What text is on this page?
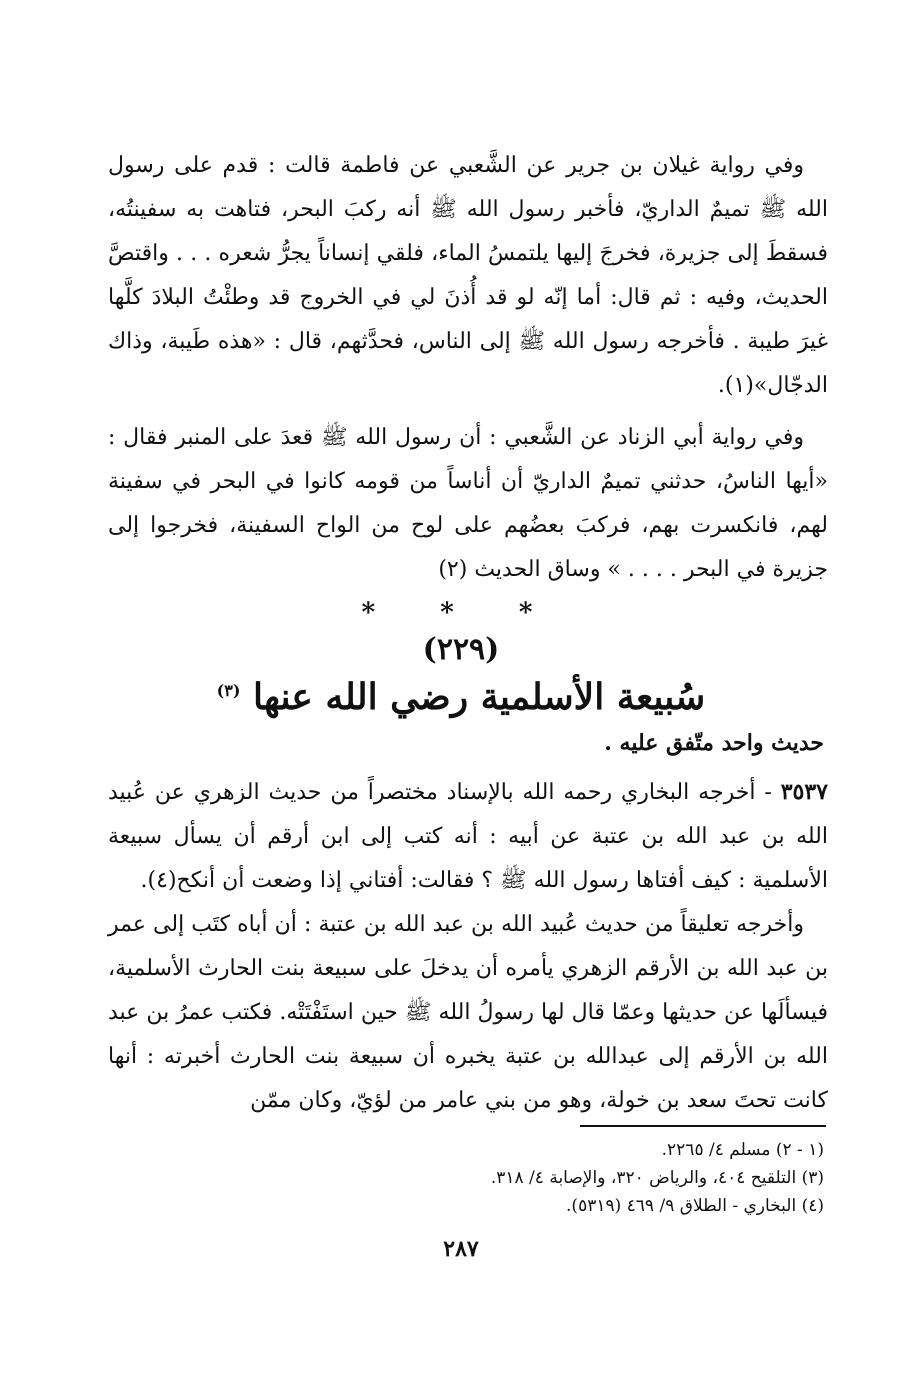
وفي رواية غيلان بن جرير عن الشَّعبي عن فاطمة قالت : قدم على رسول الله ﷺ تميمٌ الداريّ، فأخبر رسول الله ﷺ أنه ركبَ البحر، فتاهت به سفينتُه، فسقطَ إلى جزيرة، فخرجَ إليها يلتمسُ الماء، فلقي إنساناً يجرُّ شعره . . . واقتصَّ الحديث، وفيه : ثم قال: أما إنّه لو قد أُذنَ لي في الخروج قد وطئْتُ البلادَ كلَّها غيرَ طيبة . فأخرجه رسول الله ﷺ إلى الناس، فحدَّثهم، قال : «هذه طَيبة، وذاك الدجّال»(١).

وفي رواية أبي الزناد عن الشَّعبي : أن رسول الله ﷺ قعدَ على المنبر فقال : «أيها الناسُ، حدثني تميمٌ الداريّ أن أناساً من قومه كانوا في البحر في سفينة لهم، فانكسرت بهم، فركبَ بعضُهم على لوح من الواح السفينة، فخرجوا إلى جزيرة في البحر . . . . » وساق الحديث (٢)

* * *
(٢٢٩)
سُبيعة الأسلمية رضي الله عنها $^{(٣)}$

حديث واحد متّفق عليه .

٣٥٣٧ - أخرجه البخاري رحمه الله بالإسناد مختصراً من حديث الزهري عن عُبيد الله بن عبد الله بن عتبة عن أبيه : أنه كتب إلى ابن أرقم أن يسأل سبيعة الأسلمية : كيف أفتاها رسول الله ﷺ ؟ فقالت: أفتاني إذا وضعت أن أنكح(٤).

وأخرجه تعليقاً من حديث عُبيد الله بن عبد الله بن عتبة : أن أباه كتَب إلى عمر بن عبد الله بن الأرقم الزهري يأمره أن يدخلَ على سبيعة بنت الحارث الأسلمية، فيسألَها عن حديثها وعمّا قال لها رسولُ الله ﷺ حين استَفْتَتْه. فكتب عمرُ بن عبد الله بن الأرقم إلى عبدالله بن عتبة يخبره أن سبيعة بنت الحارث أخبرته : أنها كانت تحتَ سعد بن خولة، وهو من بني عامر من لؤيّ، وكان ممّن

(١ - ٢) مسلم ٤/ ٢٢٦٥.

(٣) التلقيح ٤٠٤، والرياض ٣٢٠، والإصابة ٤/ ٣١٨.

(٤) البخاري - الطلاق ٩/ ٤٦٩ (٥٣١٩).

٢٨٧
